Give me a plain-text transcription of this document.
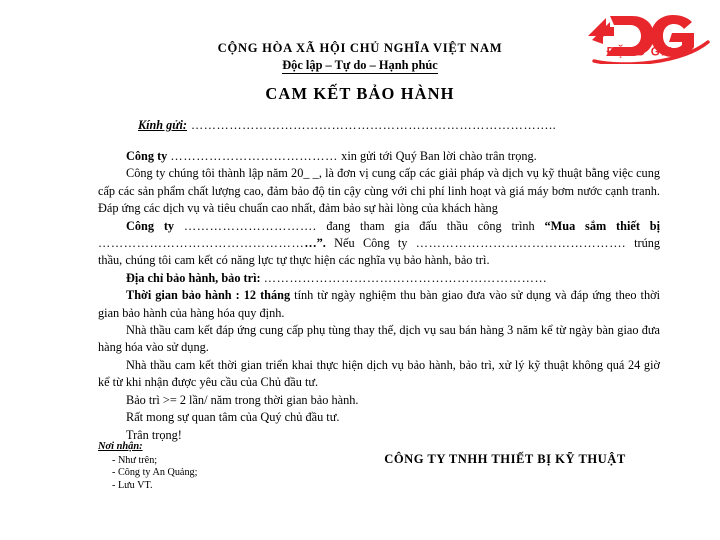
ĐẶNG GIA
CỘNG HÒA XÃ HỘI CHỦ NGHĨA VIỆT NAM
Độc lập – Tự do – Hạnh phúc
CAM KẾT BẢO HÀNH
Kính gửi: …………………………………………………………………………..

Công ty ………………………………… xin gửi tới Quý Ban lời chào trân trọng.

Công ty chúng tôi thành lập năm 20_ _, là đơn vị cung cấp các giải pháp và dịch vụ kỹ thuật bằng việc cung cấp các sản phẩm chất lượng cao, đảm bảo độ tin cậy cùng với chi phí linh hoạt và giá máy bơm nước cạnh tranh. Đáp ứng các dịch vụ và tiêu chuẩn cao nhất, đảm bảo sự hài lòng của khách hàng

Công ty …………………………. đang tham gia đấu thầu công trình “Mua sắm thiết bị ……………………………………………”. Nếu Công ty …………………………………………. trúng thầu, chúng tôi cam kết có năng lực tự thực hiện các nghĩa vụ bảo hành, bảo trì.

Địa chỉ bảo hành, bảo trì: …………………………………………………………

Thời gian bảo hành : 12 tháng tính từ ngày nghiệm thu bàn giao đưa vào sử dụng và đáp ứng theo thời gian bảo hành của hàng hóa quy định.

Nhà thầu cam kết đáp ứng cung cấp phụ tùng thay thế, dịch vụ sau bán hàng 3 năm kể từ ngày bàn giao đưa hàng hóa vào sử dụng.

Nhà thầu cam kết thời gian triển khai thực hiện dịch vụ bảo hành, bảo trì, xử lý kỹ thuật không quá 24 giờ kể từ khi nhận được yêu cầu của Chủ đầu tư.

Bảo trì >= 2 lần/ năm trong thời gian bảo hành.

Rất mong sự quan tâm của Quý chủ đầu tư.

Trân trọng!

Nơi nhận:
- Như trên;
- Công ty An Quảng;
- Lưu VT.
CÔNG TY TNHH THIẾT BỊ KỸ THUẬT
